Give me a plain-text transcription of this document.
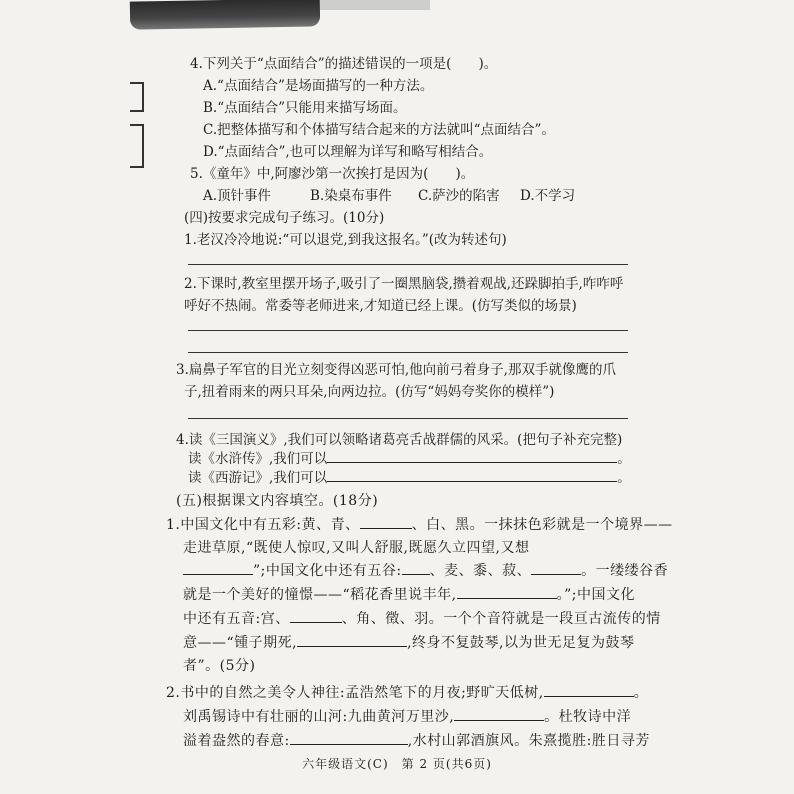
4.下列关于“点面结合”的描述错误的一项是(　　)。
A.“点面结合”是场面描写的一种方法。
B.“点面结合”只能用来描写场面。
C.把整体描写和个体描写结合起来的方法就叫“点面结合”。
D.“点面结合”,也可以理解为详写和略写相结合。
5.《童年》中,阿廖沙第一次挨打是因为(　　)。
A.顶针事件	B.染桌布事件 C.萨沙的陷害 D.不学习
(四)按要求完成句子练习。(10分)
1.老汉冷冷地说:“可以退党,到我这报名。”(改为转述句)
2.下课时,教室里摆开场子,吸引了一圈黑脑袋,攒着观战,还跺脚拍手,咋咋呼
呼好不热闹。常委等老师进来,才知道已经上课。(仿写类似的场景)
3.扁鼻子军官的目光立刻变得凶恶可怕,他向前弓着身子,那双手就像鹰的爪
子,扭着雨来的两只耳朵,向两边拉。(仿写“妈妈夸奖你的模样”)
4.读《三国演义》,我们可以领略诸葛亮舌战群儒的风采。(把句子补充完整)
读《水浒传》,我们可以	。
读《西游记》,我们可以	。
(五)根据课文内容填空。(18分)
1.中国文化中有五彩:黄、青、	、白、黑。一抹抹色彩就是一个境界——
走进草原,“既使人惊叹,又叫人舒服,既愿久立四望,又想
”;中国文化中还有五谷: 、麦、黍、菽、	。一缕缕谷香
就是一个美好的憧憬——“稻花香里说丰年,	。”;中国文化
中还有五音:宫、	、角、徵、羽。一个个音符就是一段亘古流传的情
意——“锺子期死,	,终身不复鼓琴,以为世无足复为鼓琴
者”。(5分)
2.书中的自然之美令人神往:孟浩然笔下的月夜;野旷天低树,	。
刘禹锡诗中有壮丽的山河:九曲黄河万里沙,	。杜牧诗中洋
溢着盎然的春意:	,水村山郭酒旗风。朱熹揽胜:胜日寻芳
六年级语文(C)　第 2 页(共6页)
